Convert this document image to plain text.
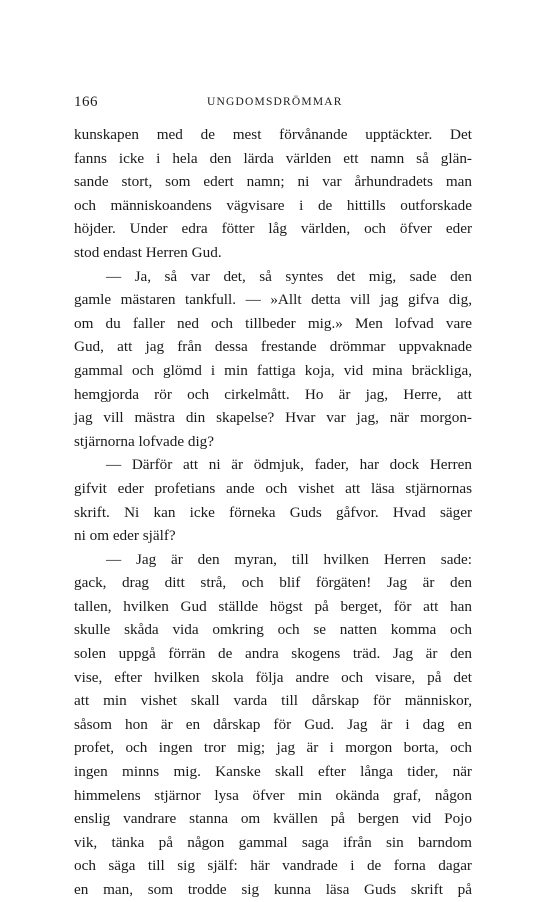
166	UNGDOMSDRÖMMAR
kunskapen med de mest förvånande upptäckter. Det
fanns icke i hela den lärda världen ett namn så glän-
sande stort, som edert namn; ni var århundradets man
och människoandens vägvisare i de hittills outforskade
höjder. Under edra fötter låg världen, och öfver eder
stod endast Herren Gud.
— Ja, så var det, så syntes det mig, sade den
gamle mästaren tankfull. — »Allt detta vill jag gifva dig,
om du faller ned och tillbeder mig.» Men lofvad vare
Gud, att jag från dessa frestande drömmar uppvaknade
gammal och glömd i min fattiga koja, vid mina bräckliga,
hemgjorda rör och cirkelmått. Ho är jag, Herre, att
jag vill mästra din skapelse? Hvar var jag, när morgon-
stjärnorna lofvade dig?
— Därför att ni är ödmjuk, fader, har dock Herren
gifvit eder profetians ande och vishet att läsa stjärnornas
skrift. Ni kan icke förneka Guds gåfvor. Hvad säger
ni om eder själf?
— Jag är den myran, till hvilken Herren sade:
gack, drag ditt strå, och blif förgäten! Jag är den
tallen, hvilken Gud ställde högst på berget, för att han
skulle skåda vida omkring och se natten komma och
solen uppgå förrän de andra skogens träd. Jag är den
vise, efter hvilken skola följa andre och visare, på det
att min vishet skall varda till dårskap för människor,
såsom hon är en dårskap för Gud. Jag är i dag en
profet, och ingen tror mig; jag är i morgon borta, och
ingen minns mig. Kanske skall efter långa tider, när
himmelens stjärnor lysa öfver min okända graf, någon
enslig vandrare stanna om kvällen på bergen vid Pojo
vik, tänka på någon gammal saga ifrån sin barndom
och säga till sig själf: här vandrade i de forna dagar
en man, som trodde sig kunna läsa Guds skrift på
